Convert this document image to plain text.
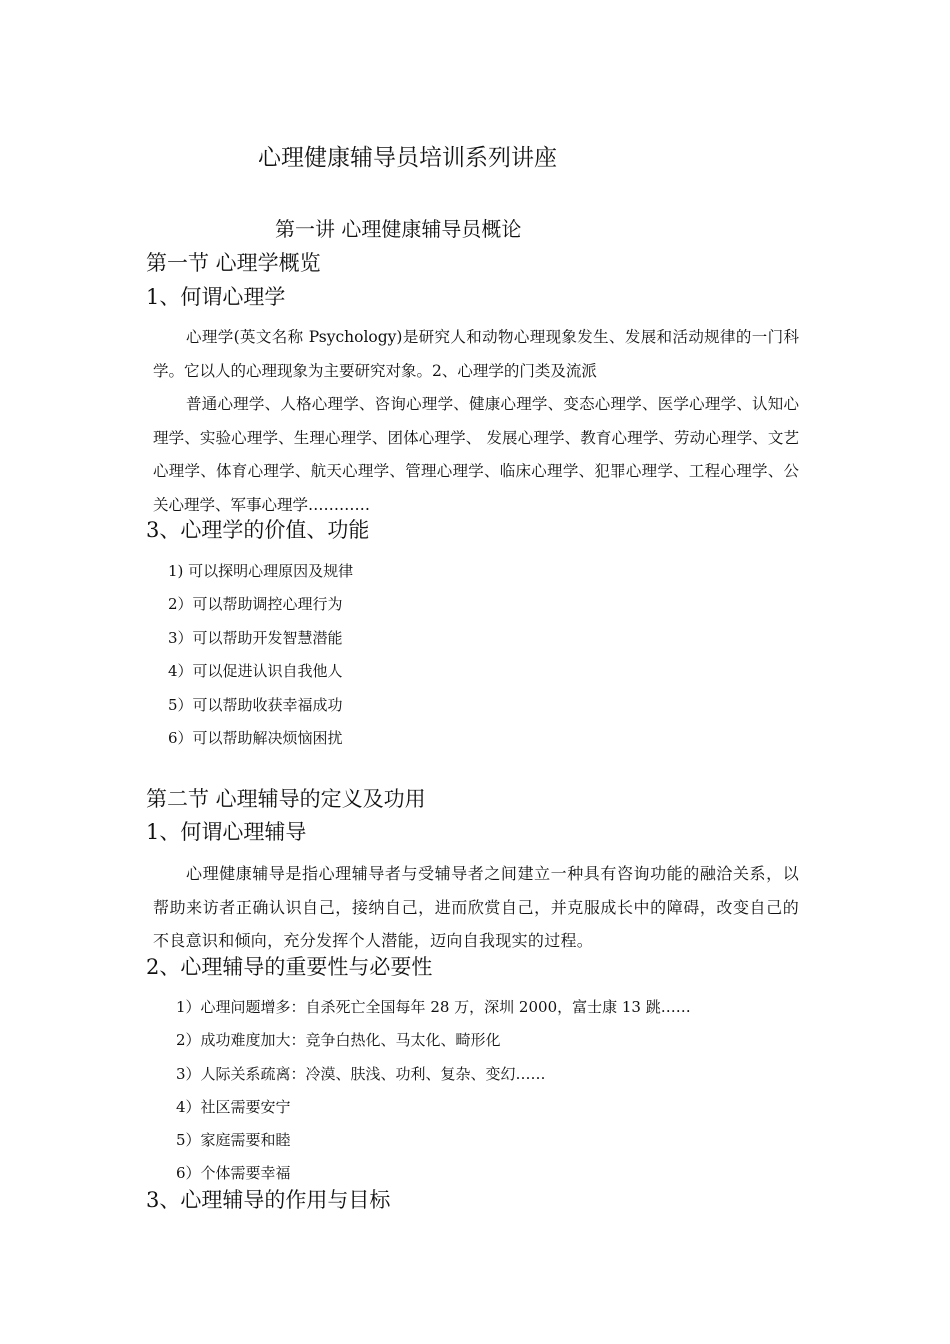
心理健康辅导员培训系列讲座
第一讲 心理健康辅导员概论
第一节 心理学概览
1、何谓心理学
心理学(英文名称 Psychology)是研究人和动物心理现象发生、发展和活动规律的一门科学。它以人的心理现象为主要研究对象。2、心理学的门类及流派
普通心理学、人格心理学、咨询心理学、健康心理学、变态心理学、医学心理学、认知心理学、实验心理学、生理心理学、团体心理学、 发展心理学、教育心理学、劳动心理学、文艺心理学、体育心理学、航天心理学、管理心理学、临床心理学、犯罪心理学、工程心理学、公关心理学、军事心理学…………
3、心理学的价值、功能
1) 可以探明心理原因及规律
2）可以帮助调控心理行为
3）可以帮助开发智慧潜能
4）可以促进认识自我他人
5）可以帮助收获幸福成功
6）可以帮助解决烦恼困扰
第二节 心理辅导的定义及功用
1、何谓心理辅导
心理健康辅导是指心理辅导者与受辅导者之间建立一种具有咨询功能的融洽关系，以帮助来访者正确认识自己，接纳自己，进而欣赏自己，并克服成长中的障碍，改变自己的不良意识和倾向，充分发挥个人潜能，迈向自我现实的过程。
2、心理辅导的重要性与必要性
1）心理问题增多：自杀死亡全国每年 28 万，深圳 2000，富士康 13 跳……
2）成功难度加大：竞争白热化、马太化、畸形化
3）人际关系疏离：冷漠、肤浅、功利、复杂、变幻……
4）社区需要安宁
5）家庭需要和睦
6）个体需要幸福
3、心理辅导的作用与目标
